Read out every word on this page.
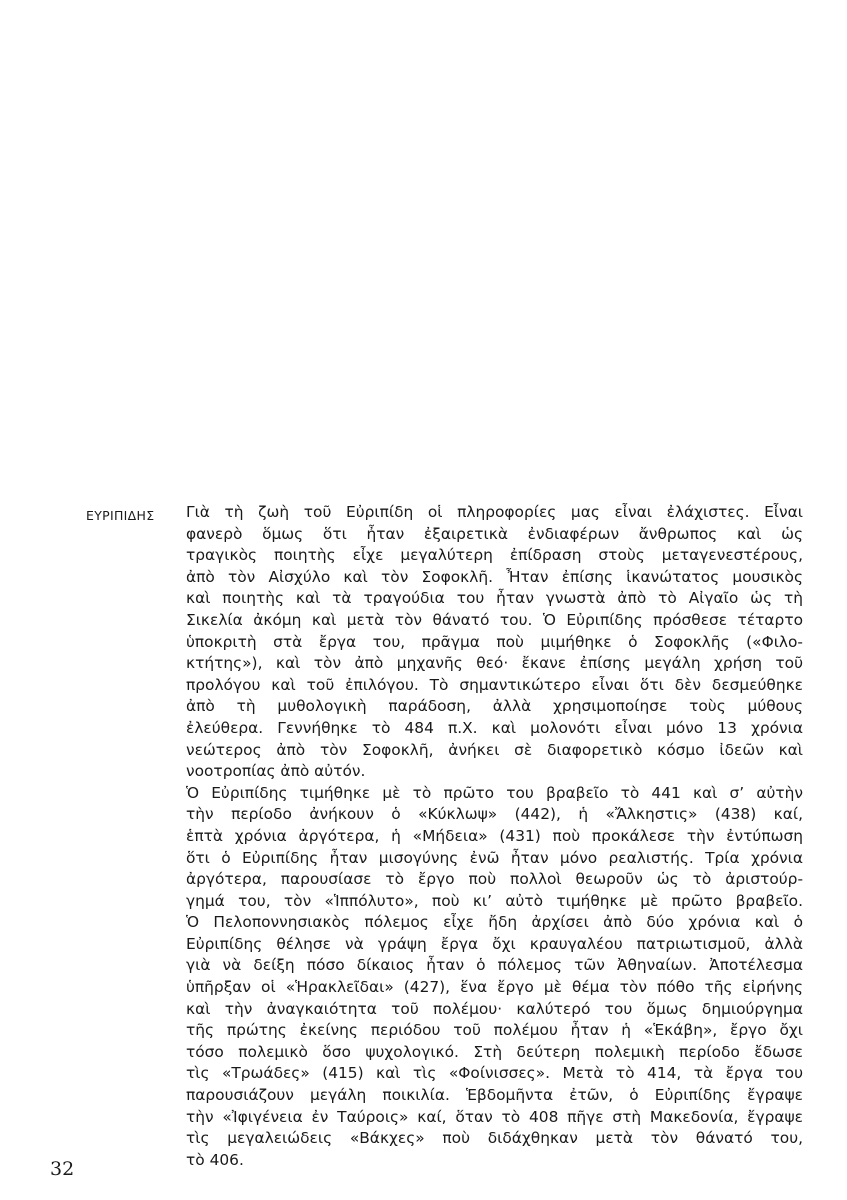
ΕΥΡΙΠΙΔΗΣ Γιὰ τὴ ζωὴ τοῦ Εὐριπίδη οἱ πληροφορίες μας εἶναι ἐλάχιστες. Εἶναι
φανερὸ ὅμως ὅτι ἦταν ἐξαιρετικὰ ἐνδιαφέρων ἄνθρωπος καὶ ὡς
τραγικὸς ποιητὴς εἶχε μεγαλύτερη ἐπίδραση στοὺς μεταγενεστέρους,
ἀπὸ τὸν Αἰσχύλο καὶ τὸν Σοφοκλῆ. Ἦταν ἐπίσης ἱκανώτατος μουσικὸς
καὶ ποιητὴς καὶ τὰ τραγούδια του ἦταν γνωστὰ ἀπὸ τὸ Αἰγαῖο ὡς τὴ
Σικελία ἀκόμη καὶ μετὰ τὸν θάνατό του. Ὁ Εὐριπίδης πρόσθεσε τέταρτο
ὑποκριτὴ στὰ ἔργα του, πρᾶγμα ποὺ μιμήθηκε ὁ Σοφοκλῆς («Φιλο-
κτήτης»), καὶ τὸν ἀπὸ μηχανῆς θεό· ἔκανε ἐπίσης μεγάλη χρήση τοῦ
προλόγου καὶ τοῦ ἐπιλόγου. Τὸ σημαντικώτερο εἶναι ὅτι δὲν δεσμεύθηκε
ἀπὸ τὴ μυθολογικὴ παράδοση, ἀλλὰ χρησιμοποίησε τοὺς μύθους
ἐλεύθερα. Γεννήθηκε τὸ 484 π.Χ. καὶ μολονότι εἶναι μόνο 13 χρόνια
νεώτερος ἀπὸ τὸν Σοφοκλῆ, ἀνήκει σὲ διαφορετικὸ κόσμο ἰδεῶν καὶ
νοοτροπίας ἀπὸ αὐτόν.
Ὁ Εὐριπίδης τιμήθηκε μὲ τὸ πρῶτο του βραβεῖο τὸ 441 καὶ σ’ αὐτὴν
τὴν περίοδο ἀνήκουν ὁ «Κύκλωψ» (442), ἡ «Ἄλκηστις» (438) καί,
ἑπτὰ χρόνια ἀργότερα, ἡ «Μήδεια» (431) ποὺ προκάλεσε τὴν ἐντύπωση
ὅτι ὁ Εὐριπίδης ἦταν μισογύνης ἐνῶ ἦταν μόνο ρεαλιστής. Τρία χρόνια
ἀργότερα, παρουσίασε τὸ ἔργο ποὺ πολλοὶ θεωροῦν ὡς τὸ ἀριστούρ-
γημά του, τὸν «Ἱππόλυτο», ποὺ κι’ αὐτὸ τιμήθηκε μὲ πρῶτο βραβεῖο.
Ὁ Πελοποννησιακὸς πόλεμος εἶχε ἤδη ἀρχίσει ἀπὸ δύο χρόνια καὶ ὁ
Εὐριπίδης θέλησε νὰ γράψη ἔργα ὄχι κραυγαλέου πατριωτισμοῦ, ἀλλὰ
γιὰ νὰ δείξη πόσο δίκαιος ἦταν ὁ πόλεμος τῶν Ἀθηναίων. Ἀποτέλεσμα
ὑπῆρξαν οἱ «Ἡρακλεῖδαι» (427), ἕνα ἔργο μὲ θέμα τὸν πόθο τῆς εἰρήνης
καὶ τὴν ἀναγκαιότητα τοῦ πολέμου· καλύτερό του ὅμως δημιούργημα
τῆς πρώτης ἐκείνης περιόδου τοῦ πολέμου ἦταν ἡ «Ἑκάβη», ἔργο ὄχι
τόσο πολεμικὸ ὅσο ψυχολογικό. Στὴ δεύτερη πολεμικὴ περίοδο ἔδωσε
τὶς «Τρωάδες» (415) καὶ τὶς «Φοίνισσες». Μετὰ τὸ 414, τὰ ἔργα του
παρουσιάζουν μεγάλη ποικιλία. Ἑβδομῆντα ἐτῶν, ὁ Εὐριπίδης ἔγραψε
τὴν «Ἰφιγένεια ἐν Ταύροις» καί, ὅταν τὸ 408 πῆγε στὴ Μακεδονία, ἔγραψε
τὶς μεγαλειώδεις «Βάκχες» ποὺ διδάχθηκαν μετὰ τὸν θάνατό του,
τὸ 406.
32
